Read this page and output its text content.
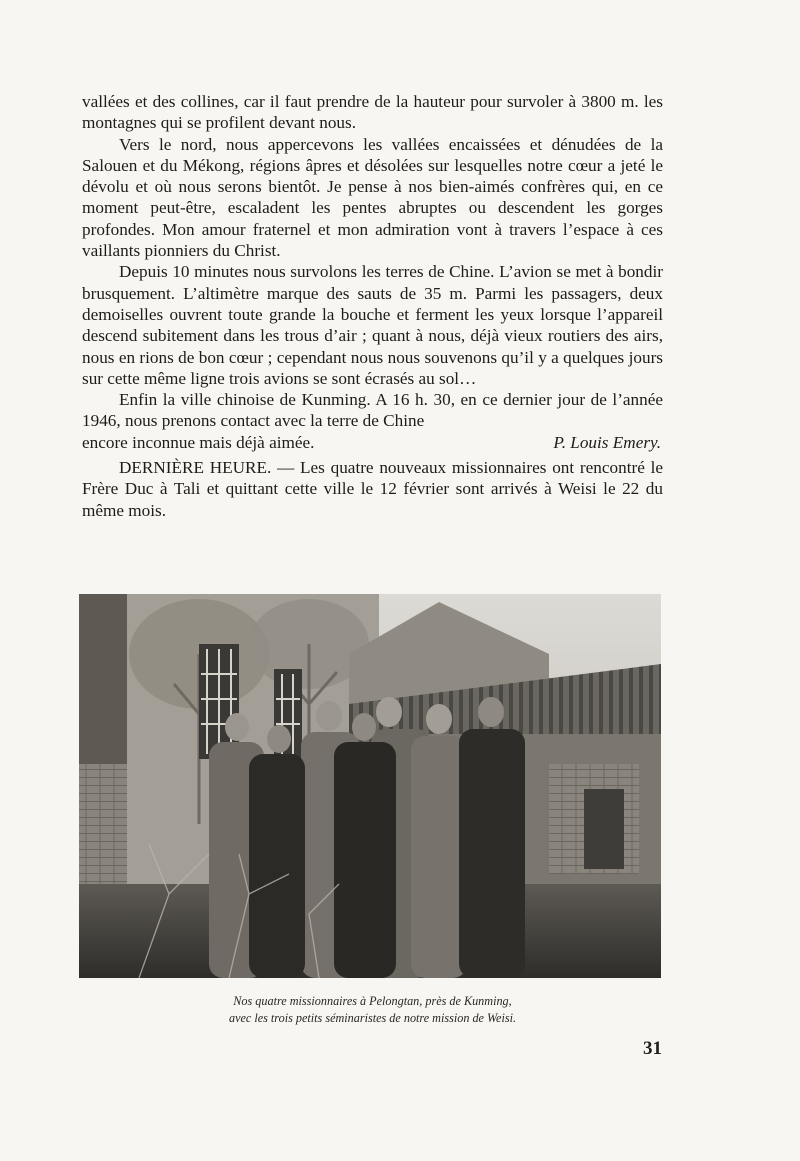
vallées et des collines, car il faut prendre de la hauteur pour survoler à 3800 m. les montagnes qui se profilent devant nous.

Vers le nord, nous appercevons les vallées encaissées et dénudées de la Salouen et du Mékong, régions âpres et désolées sur lesquelles notre cœur a jeté le dévolu et où nous serons bientôt. Je pense à nos bien-aimés confrères qui, en ce moment peut-être, escaladent les pentes abruptes ou descendent les gorges profondes. Mon amour fraternel et mon admiration vont à travers l’espace à ces vaillants pionniers du Christ.

Depuis 10 minutes nous survolons les terres de Chine. L’avion se met à bondir brusquement. L’altimètre marque des sauts de 35 m. Parmi les passagers, deux demoiselles ouvrent toute grande la bouche et ferment les yeux lorsque l’appareil descend subitement dans les trous d’air ; quant à nous, déjà vieux routiers des airs, nous en rions de bon cœur ; cependant nous nous souvenons qu’il y a quelques jours sur cette même ligne trois avions se sont écrasés au sol…

Enfin la ville chinoise de Kunming. A 16 h. 30, en ce dernier jour de l’année 1946, nous prenons contact avec la terre de Chine

encore inconnue mais déjà aimée.	P. Louis Emery.

DERNIÈRE HEURE. — Les quatre nouveaux missionnaires ont rencontré le Frère Duc à Tali et quittant cette ville le 12 février sont arrivés à Weisi le 22 du même mois.

Nos quatre missionnaires à Pelongtan, près de Kunming,
avec les trois petits séminaristes de notre mission de Weisi.
31
